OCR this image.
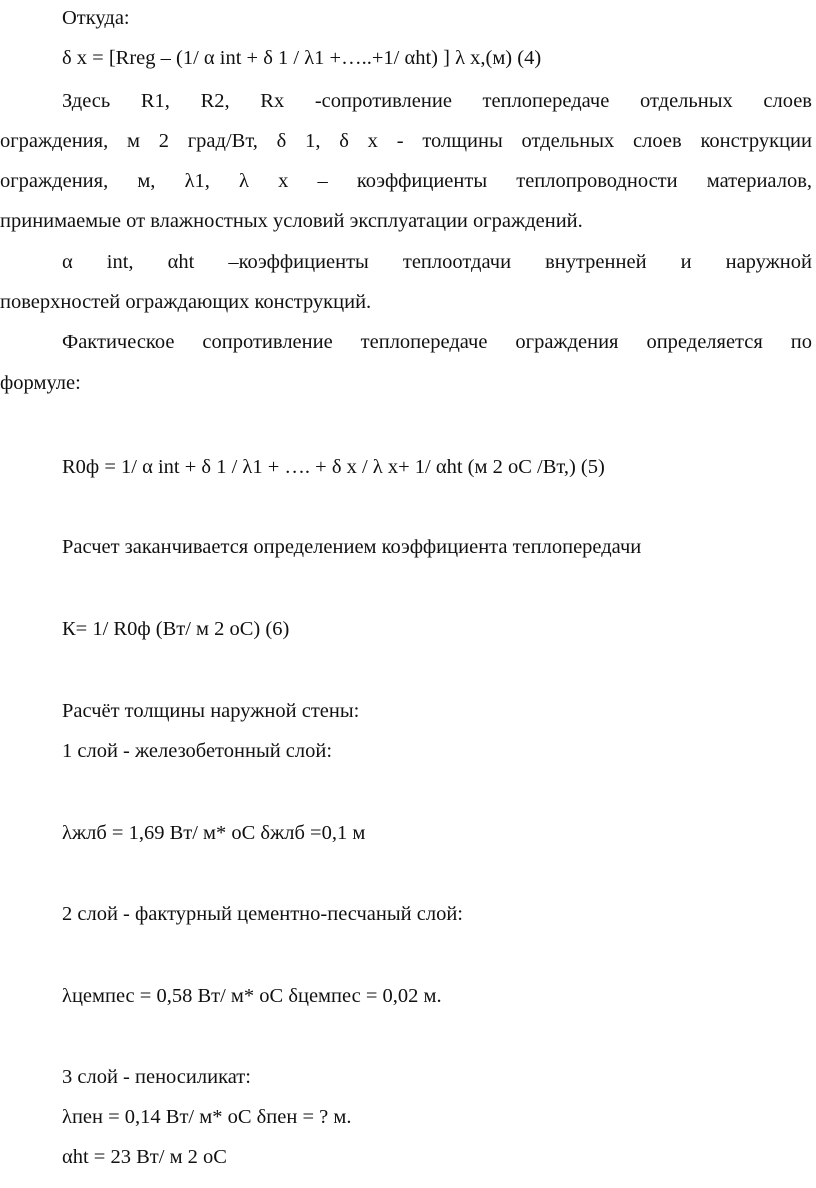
Откуда:
δ x = [Rreg – (1/ α int + δ 1 / λ1 +…..+1/ αht) ] λ x,(м) (4)
Здесь R1, R2, Rx -сопротивление теплопередаче отдельных слоев
ограждения, м 2 град/Вт, δ 1, δ x - толщины отдельных слоев конструкции
ограждения, м, λ1, λ x – коэффициенты теплопроводности материалов,
принимаемые от влажностных условий эксплуатации ограждений.
α int, αht –коэффициенты теплоотдачи внутренней и наружной
поверхностей ограждающих конструкций.
Фактическое сопротивление теплопередаче ограждения определяется по
формуле:
R0ф = 1/ α int + δ 1 / λ1 + …. + δ x / λ x+ 1/ αht (м 2 оС /Вт,) (5)
Расчет заканчивается определением коэффициента теплопередачи
К= 1/ R0ф (Вт/ м 2 оС) (6)
Расчёт толщины наружной стены:
1 слой - железобетонный слой:
λжлб = 1,69 Вт/ м* оС δжлб =0,1 м
2 слой - фактурный цементно-песчаный слой:
λцемпес = 0,58 Вт/ м* оС δцемпес = 0,02 м.
3 слой - пеносиликат:
λпен = 0,14 Вт/ м* оС δпен = ? м.
αht = 23 Вт/ м 2 оС
